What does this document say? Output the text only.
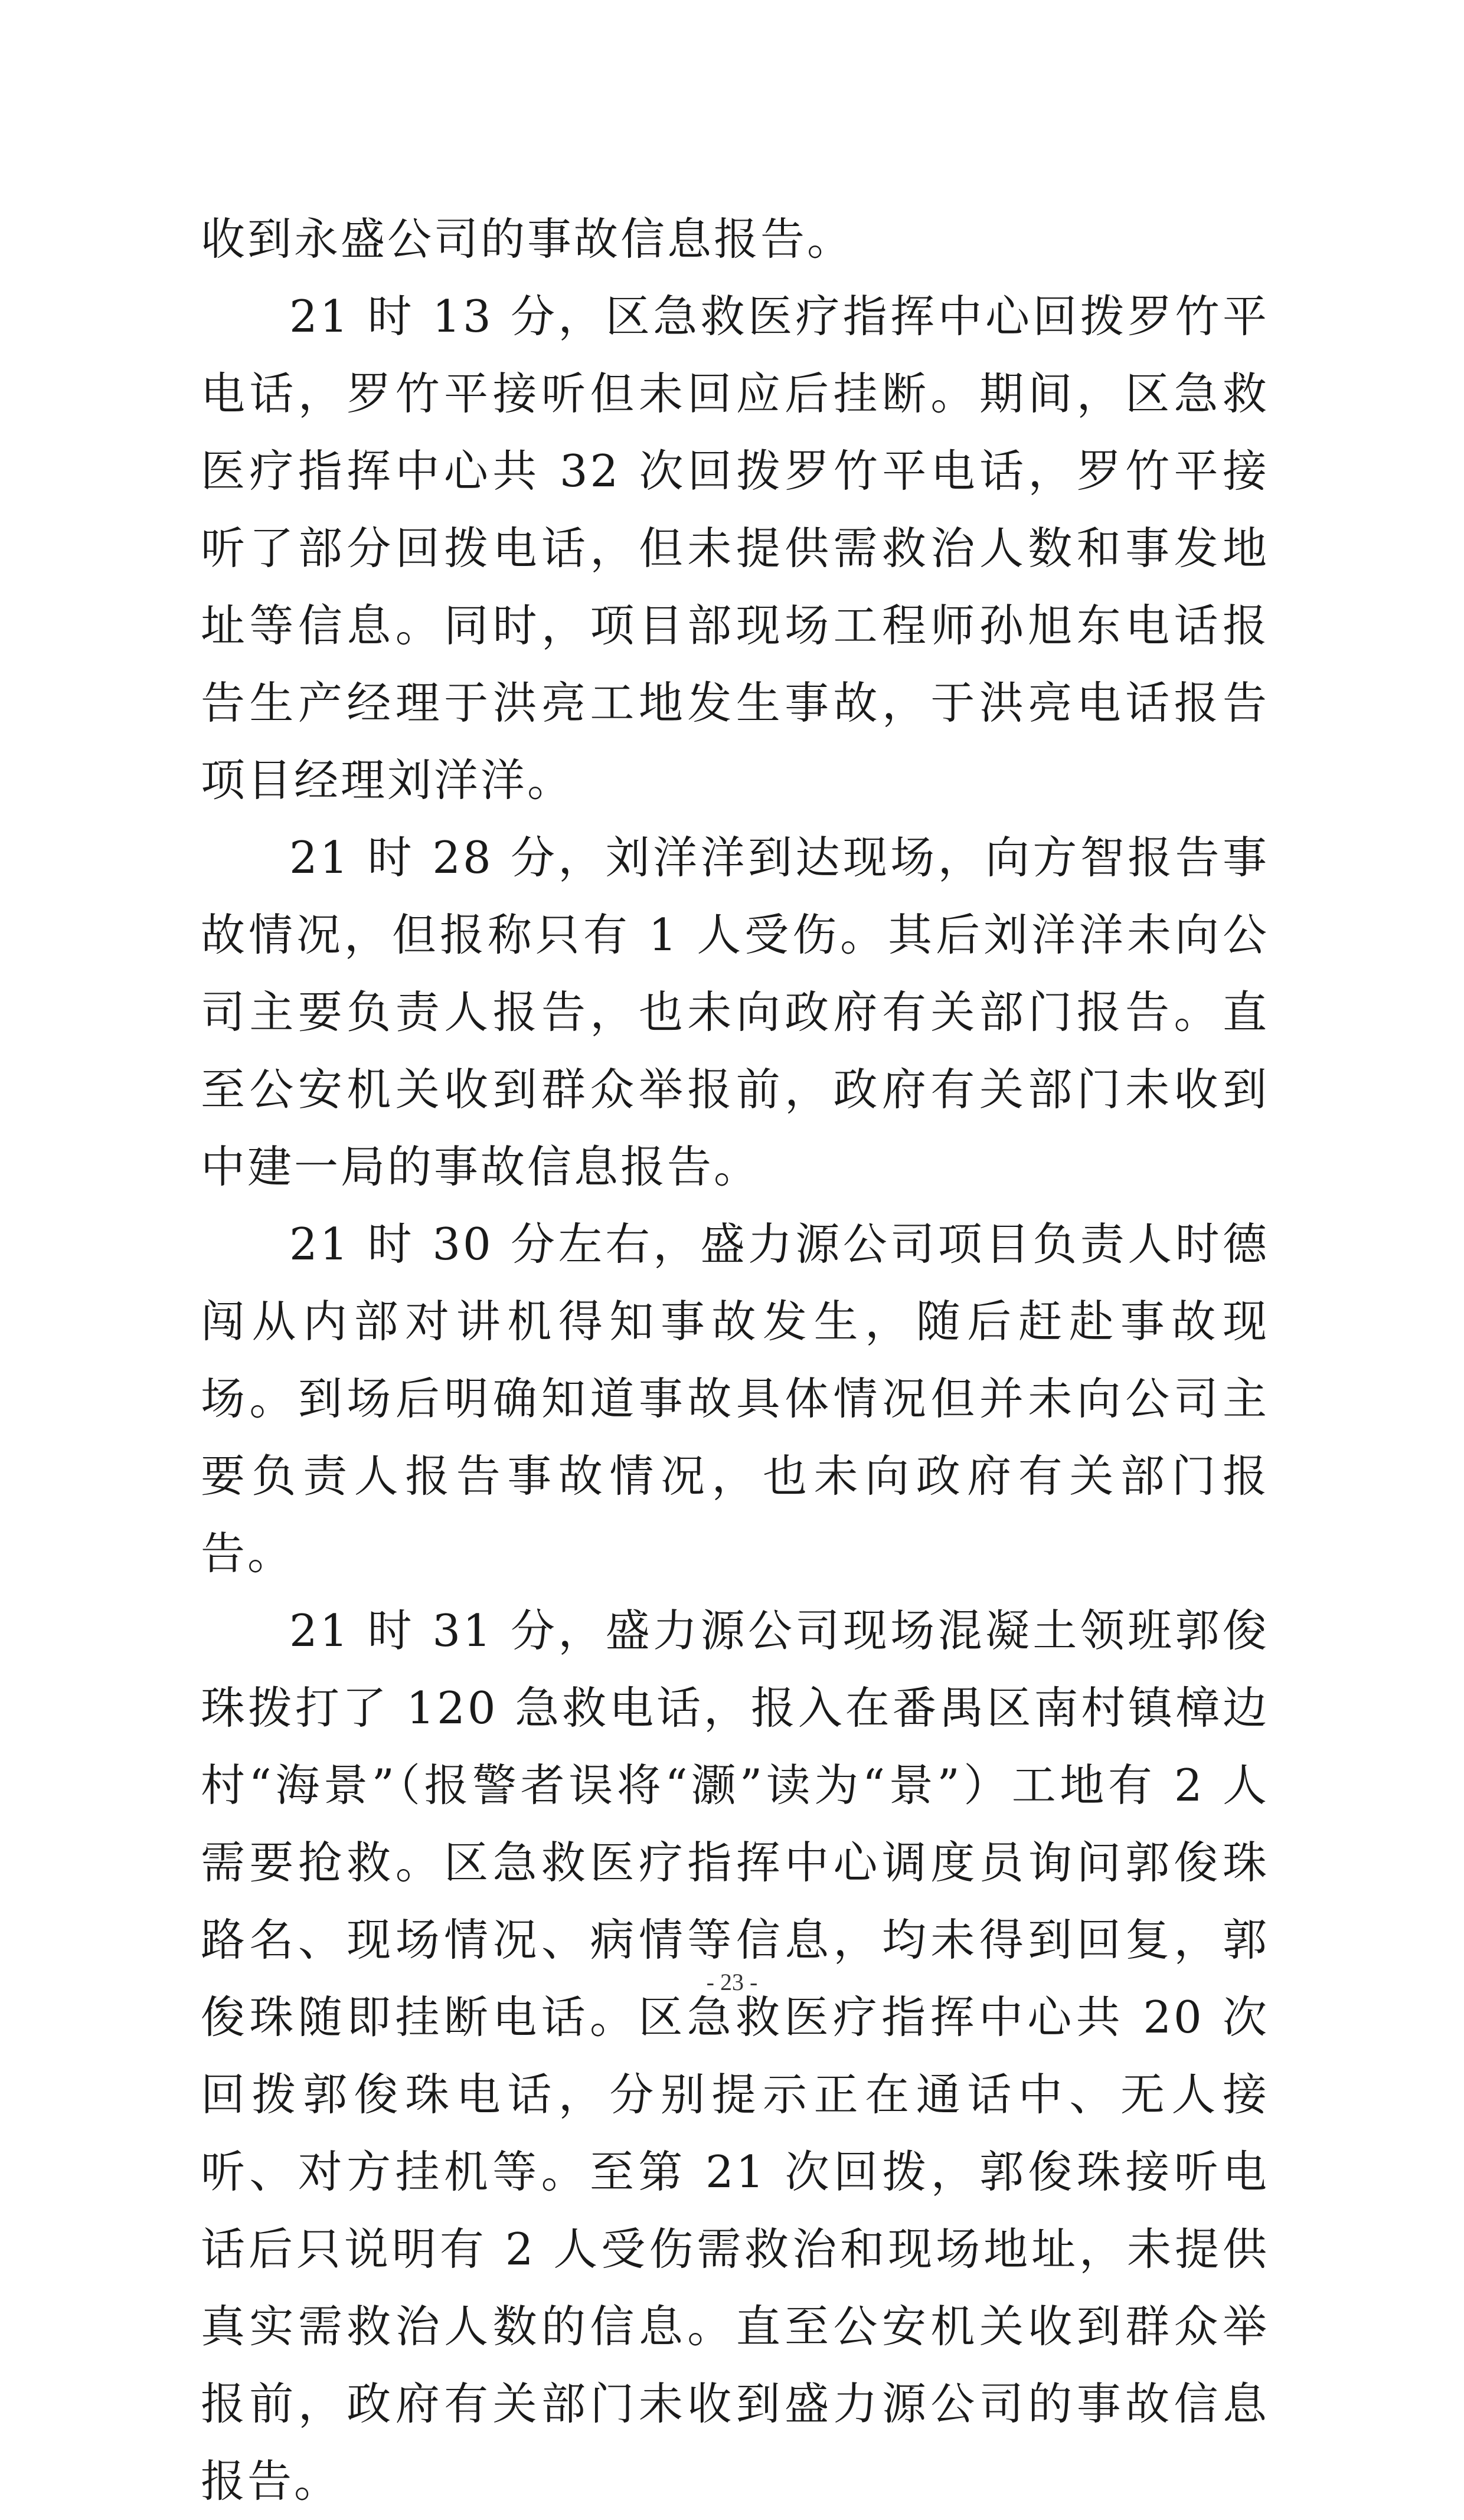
收到永盛公司的事故信息报告。

21 时 13 分，区急救医疗指挥中心回拨罗竹平电话，罗竹平接听但未回应后挂断。期间，区急救医疗指挥中心共 32 次回拨罗竹平电话，罗竹平接听了部分回拨电话，但未提供需救治人数和事发地址等信息。同时，项目部现场工程师孙旭东电话报告生产经理于洪亮工地发生事故，于洪亮电话报告项目经理刘洋洋。

21 时 28 分，刘洋洋到达现场，向方智报告事故情况，但报称只有 1 人受伤。其后刘洋洋未向公司主要负责人报告，也未向政府有关部门报告。直至公安机关收到群众举报前，政府有关部门未收到中建一局的事故信息报告。

21 时 30 分左右，盛力源公司项目负责人时德闯从内部对讲机得知事故发生，随后赶赴事故现场。到场后明确知道事故具体情况但并未向公司主要负责人报告事故情况，也未向政府有关部门报告。

21 时 31 分，盛力源公司现场混凝土领班郭俊珠拨打了 120 急救电话，报入在番禺区南村镇樟边村“海景”（报警者误将“灏”读为“景”）工地有 2 人需要抢救。区急救医疗指挥中心调度员询问郭俊珠路名、现场情况、病情等信息，均未得到回复，郭俊珠随即挂断电话。区急救医疗指挥中心共 20 次回拨郭俊珠电话，分别提示正在通话中、无人接听、对方挂机等。至第 21 次回拨，郭俊珠接听电话后只说明有 2 人受伤需救治和现场地址，未提供真实需救治人数的信息。直至公安机关收到群众举报前，政府有关部门未收到盛力源公司的事故信息报告。

- 23 -
